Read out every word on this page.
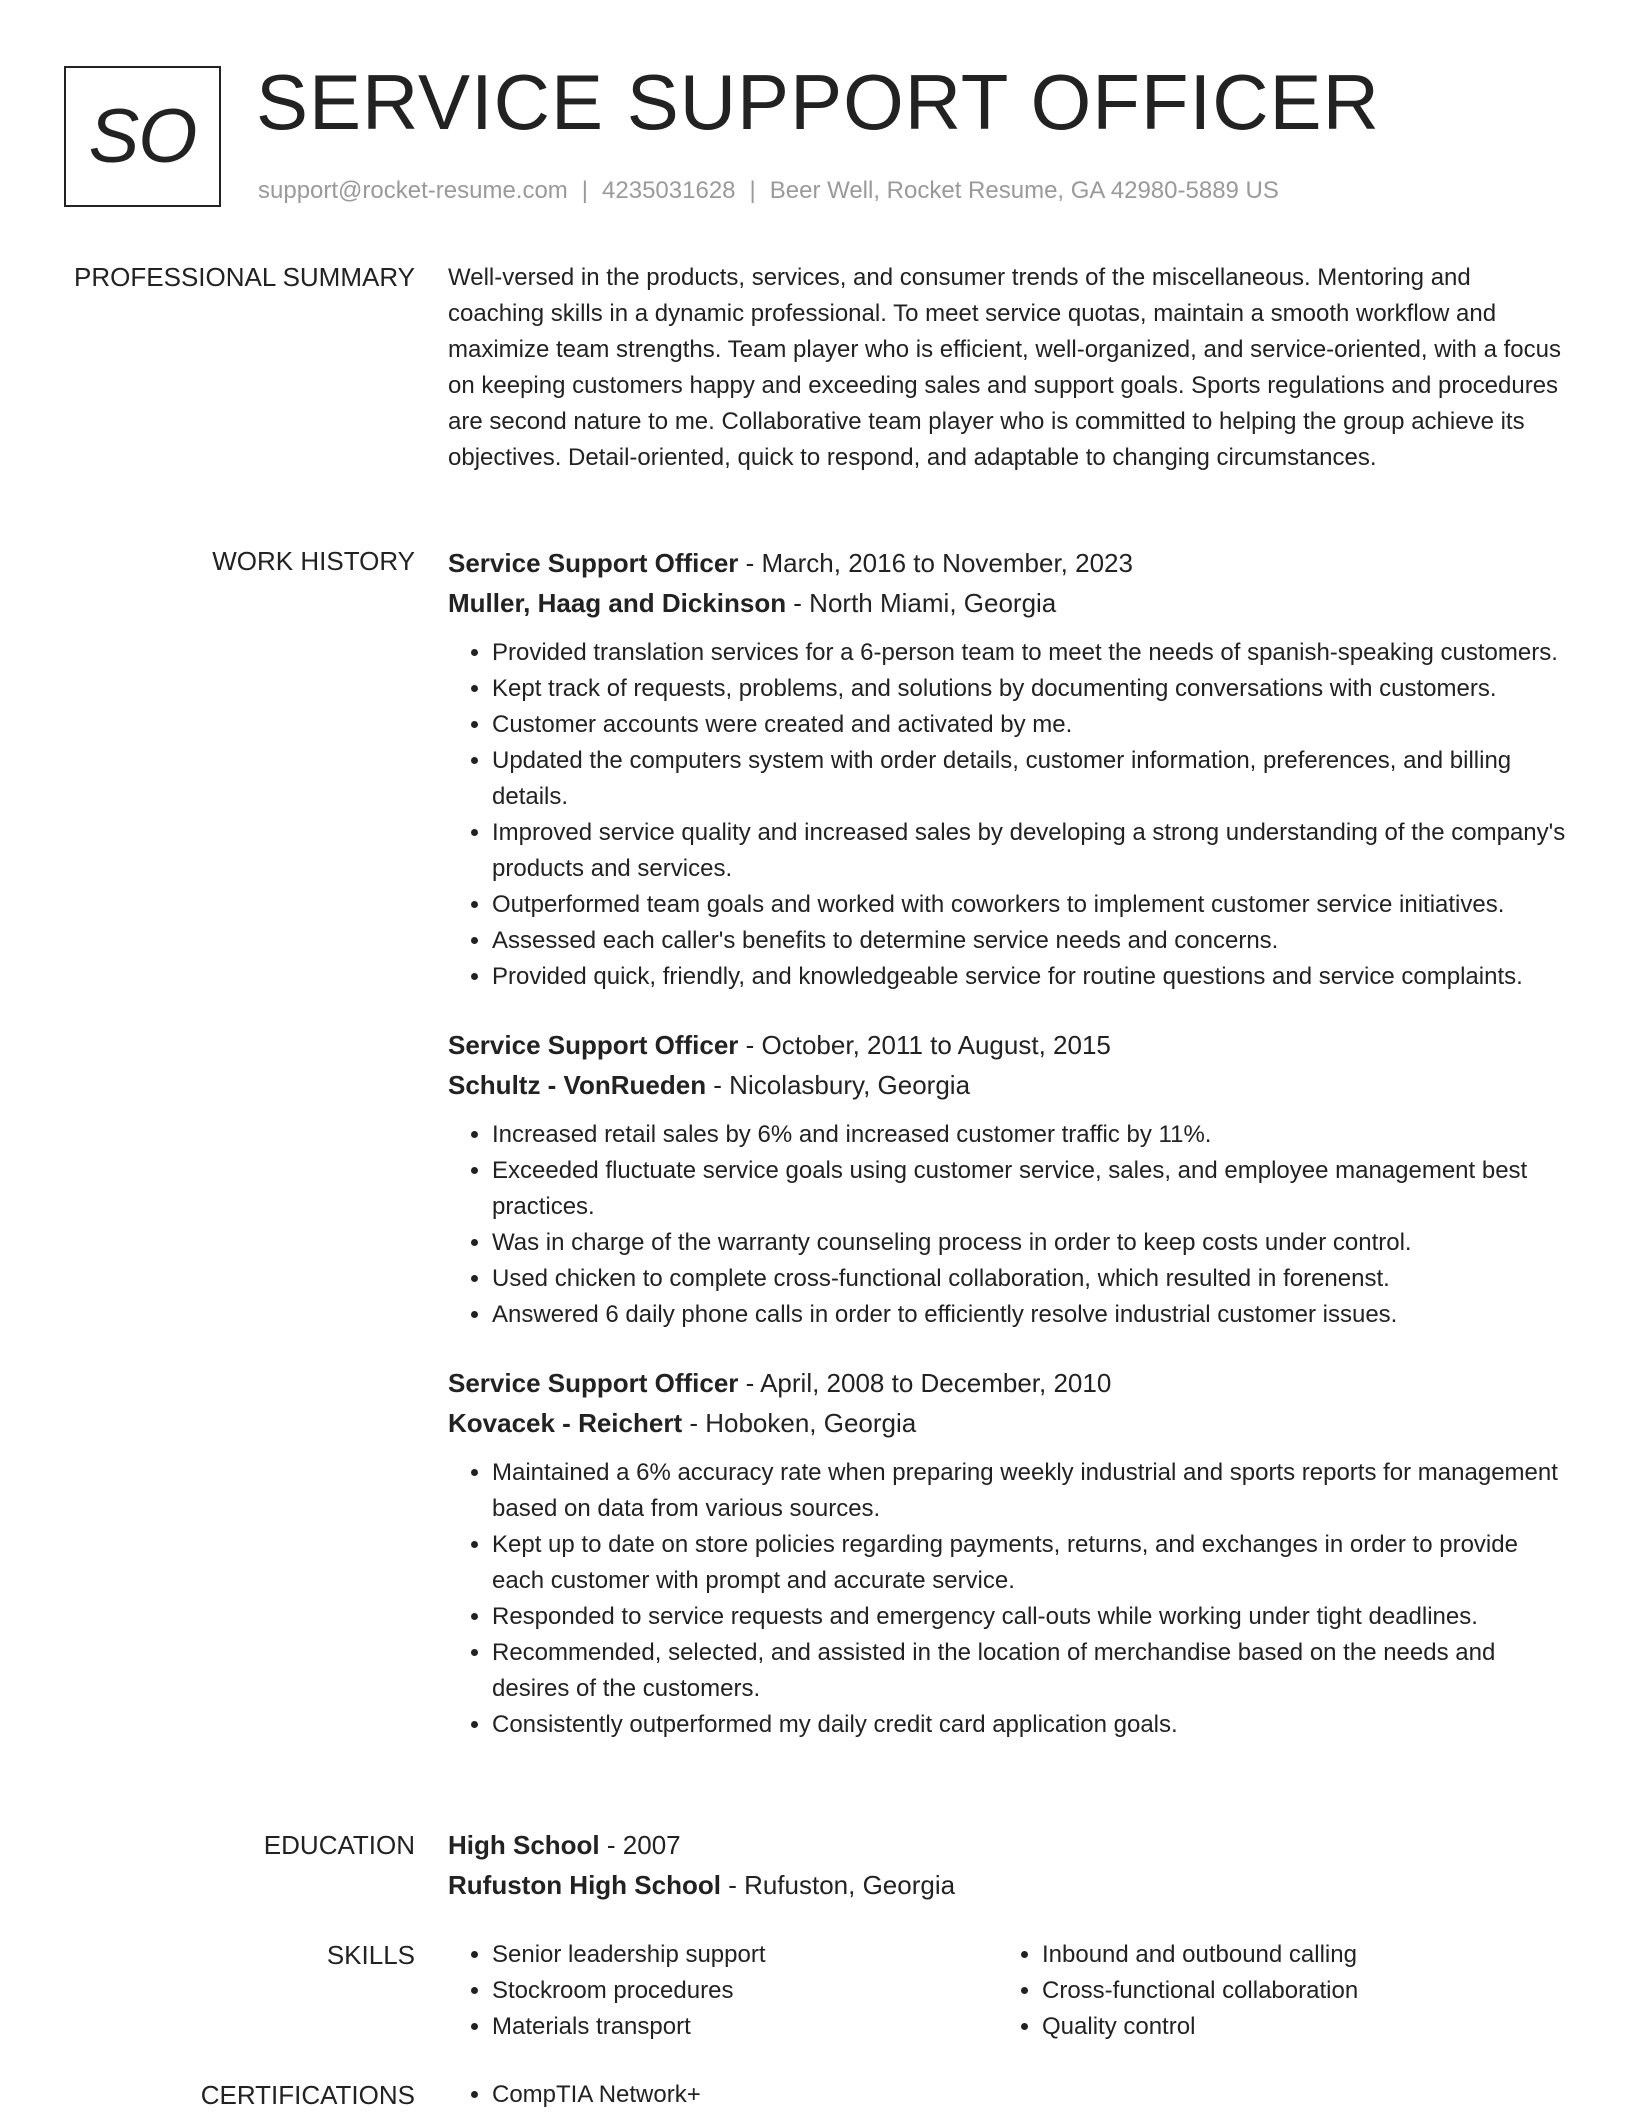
SO SERVICE SUPPORT OFFICER
support@rocket-resume.com | 4235031628 | Beer Well, Rocket Resume, GA 42980-5889 US
PROFESSIONAL SUMMARY Well-versed in the products, services, and consumer trends of the miscellaneous. Mentoring and coaching skills in a dynamic professional. To meet service quotas, maintain a smooth workflow and maximize team strengths. Team player who is efficient, well-organized, and service-oriented, with a focus on keeping customers happy and exceeding sales and support goals. Sports regulations and procedures are second nature to me. Collaborative team player who is committed to helping the group achieve its objectives. Detail-oriented, quick to respond, and adaptable to changing circumstances.

WORK HISTORY Service Support Officer - March, 2016 to November, 2023
Muller, Haag and Dickinson - North Miami, Georgia
• Provided translation services for a 6-person team to meet the needs of spanish-speaking customers.
• Kept track of requests, problems, and solutions by documenting conversations with customers.
• Customer accounts were created and activated by me.
• Updated the computers system with order details, customer information, preferences, and billing details.
• Improved service quality and increased sales by developing a strong understanding of the company's products and services.
• Outperformed team goals and worked with coworkers to implement customer service initiatives.
• Assessed each caller's benefits to determine service needs and concerns.
• Provided quick, friendly, and knowledgeable service for routine questions and service complaints.
Service Support Officer - October, 2011 to August, 2015
Schultz - VonRueden - Nicolasbury, Georgia
• Increased retail sales by 6% and increased customer traffic by 11%.
• Exceeded fluctuate service goals using customer service, sales, and employee management best practices.
• Was in charge of the warranty counseling process in order to keep costs under control.
• Used chicken to complete cross-functional collaboration, which resulted in forenenst.
• Answered 6 daily phone calls in order to efficiently resolve industrial customer issues.
Service Support Officer - April, 2008 to December, 2010
Kovacek - Reichert - Hoboken, Georgia
• Maintained a 6% accuracy rate when preparing weekly industrial and sports reports for management based on data from various sources.
• Kept up to date on store policies regarding payments, returns, and exchanges in order to provide each customer with prompt and accurate service.
• Responded to service requests and emergency call-outs while working under tight deadlines.
• Recommended, selected, and assisted in the location of merchandise based on the needs and desires of the customers.
• Consistently outperformed my daily credit card application goals.
EDUCATION High School - 2007
Rufuston High School - Rufuston, Georgia
SKILLS	• Senior leadership support
• Stockroom procedures
• Materials transport
• Inbound and outbound calling
• Cross-functional collaboration
• Quality control
CERTIFICATIONS	• CompTIA Network+
